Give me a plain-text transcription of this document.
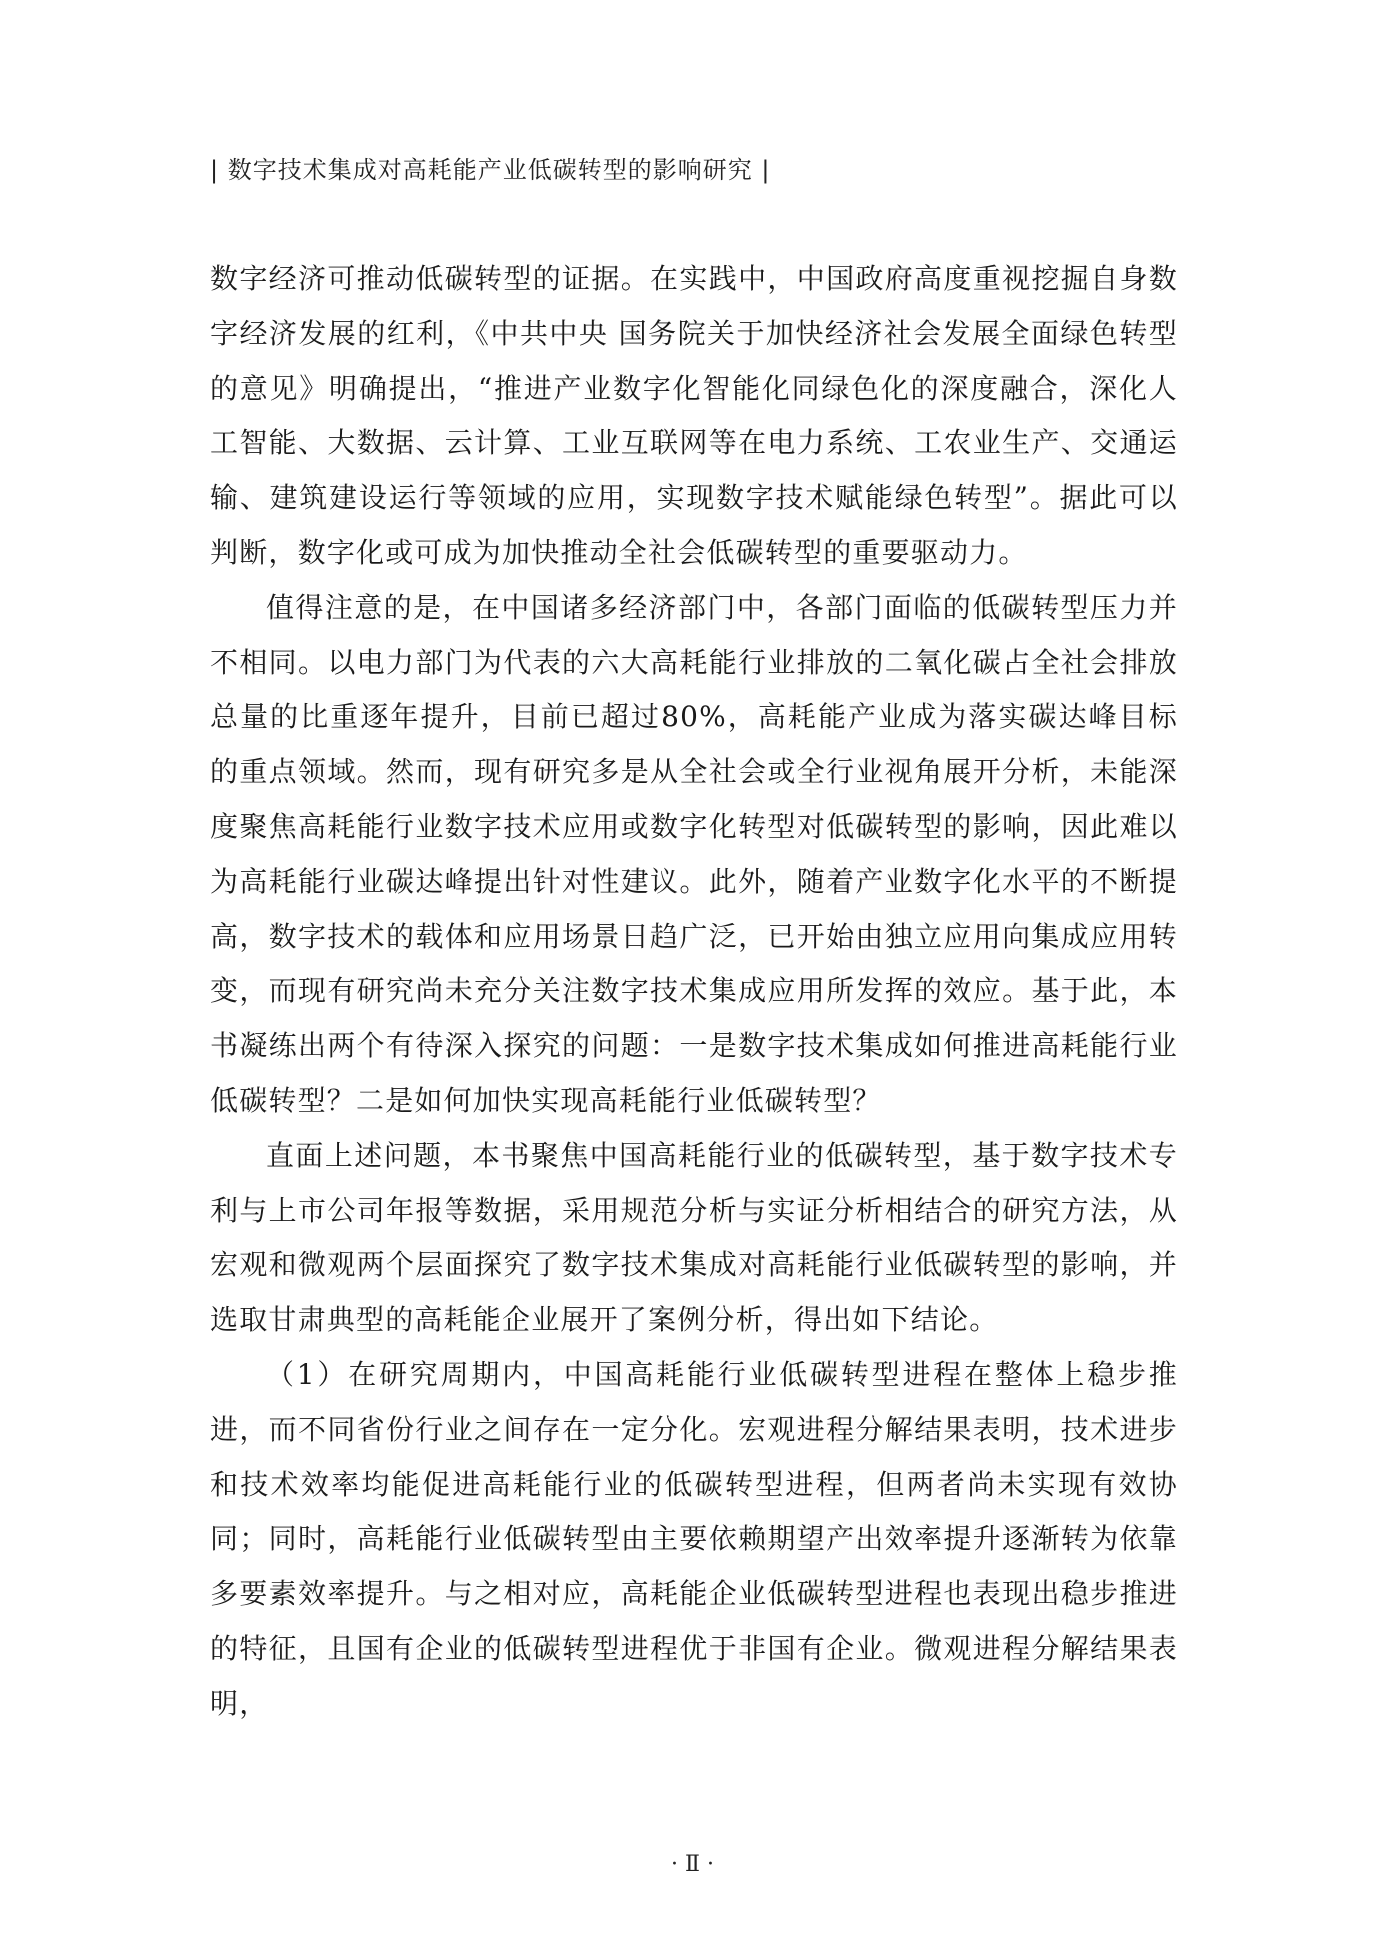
| 数字技术集成对高耗能产业低碳转型的影响研究 |

数字经济可推动低碳转型的证据。在实践中，中国政府高度重视挖掘自身数字经济发展的红利，《中共中央 国务院关于加快经济社会发展全面绿色转型的意见》明确提出，“推进产业数字化智能化同绿色化的深度融合，深化人工智能、大数据、云计算、工业互联网等在电力系统、工农业生产、交通运输、建筑建设运行等领域的应用，实现数字技术赋能绿色转型”。据此可以判断，数字化或可成为加快推动全社会低碳转型的重要驱动力。

值得注意的是，在中国诸多经济部门中，各部门面临的低碳转型压力并不相同。以电力部门为代表的六大高耗能行业排放的二氧化碳占全社会排放总量的比重逐年提升，目前已超过80%，高耗能产业成为落实碳达峰目标的重点领域。然而，现有研究多是从全社会或全行业视角展开分析，未能深度聚焦高耗能行业数字技术应用或数字化转型对低碳转型的影响，因此难以为高耗能行业碳达峰提出针对性建议。此外，随着产业数字化水平的不断提高，数字技术的载体和应用场景日趋广泛，已开始由独立应用向集成应用转变，而现有研究尚未充分关注数字技术集成应用所发挥的效应。基于此，本书凝练出两个有待深入探究的问题：一是数字技术集成如何推进高耗能行业低碳转型？二是如何加快实现高耗能行业低碳转型？

直面上述问题，本书聚焦中国高耗能行业的低碳转型，基于数字技术专利与上市公司年报等数据，采用规范分析与实证分析相结合的研究方法，从宏观和微观两个层面探究了数字技术集成对高耗能行业低碳转型的影响，并选取甘肃典型的高耗能企业展开了案例分析，得出如下结论。

（1）在研究周期内，中国高耗能行业低碳转型进程在整体上稳步推进，而不同省份行业之间存在一定分化。宏观进程分解结果表明，技术进步和技术效率均能促进高耗能行业的低碳转型进程，但两者尚未实现有效协同；同时，高耗能行业低碳转型由主要依赖期望产出效率提升逐渐转为依靠多要素效率提升。与之相对应，高耗能企业低碳转型进程也表现出稳步推进的特征，且国有企业的低碳转型进程优于非国有企业。微观进程分解结果表明，

· Ⅱ ·
